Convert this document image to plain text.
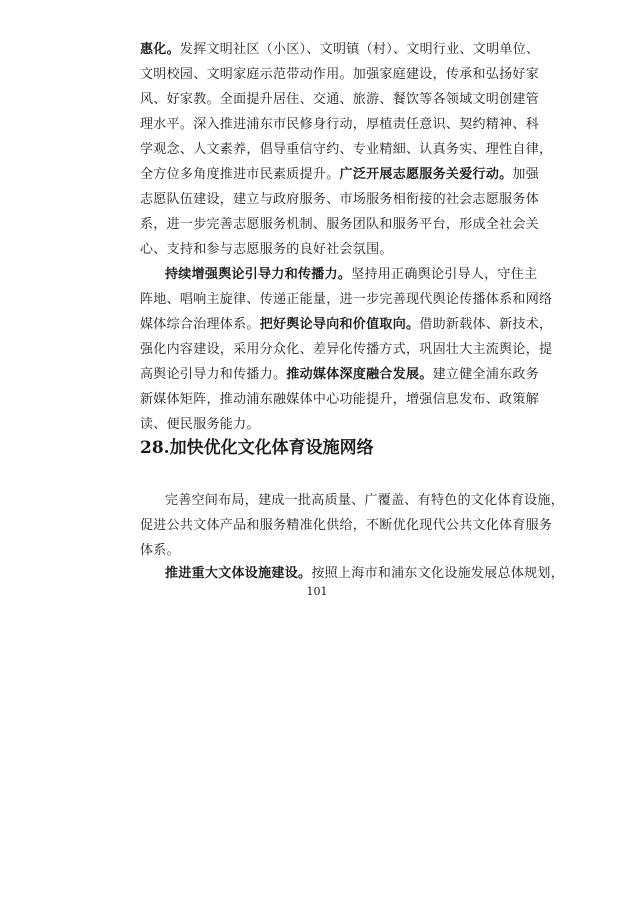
惠化。发挥文明社区（小区）、文明镇（村）、文明行业、文明单位、
文明校园、文明家庭示范带动作用。加强家庭建设，传承和弘扬好家
风、好家教。全面提升居住、交通、旅游、餐饮等各领域文明创建管
理水平。深入推进浦东市民修身行动，厚植责任意识、契约精神、科
学观念、人文素养，倡导重信守约、专业精細、认真务实、理性自律，
全方位多角度推进市民素质提升。广泛开展志愿服务关爱行动。加强
志愿队伍建设，建立与政府服务、市场服务相衔接的社会志愿服务体
系，进一步完善志愿服务机制、服务团队和服务平台，形成全社会关
心、支持和参与志愿服务的良好社会氛围。
持续增强舆论引导力和传播力。坚持用正确舆论引导人，守住主
阵地、唱响主旋律、传递正能量，进一步完善现代舆论传播体系和网络
媒体综合治理体系。把好舆论导向和价值取向。借助新载体、新技术，
强化内容建设，采用分众化、差异化传播方式，巩固壮大主流舆论，提
高舆论引导力和传播力。推动媒体深度融合发展。建立健全浦东政务
新媒体矩阵，推动浦东融媒体中心功能提升，增强信息发布、政策解
读、便民服务能力。
28.加快优化文化体育设施网络
完善空间布局，建成一批高质量、广覆盖、有特色的文化体育设施，
促进公共文体产品和服务精准化供给，不断优化现代公共文化体育服务
体系。
推进重大文体设施建设。按照上海市和浦东文化设施发展总体规划，
101
